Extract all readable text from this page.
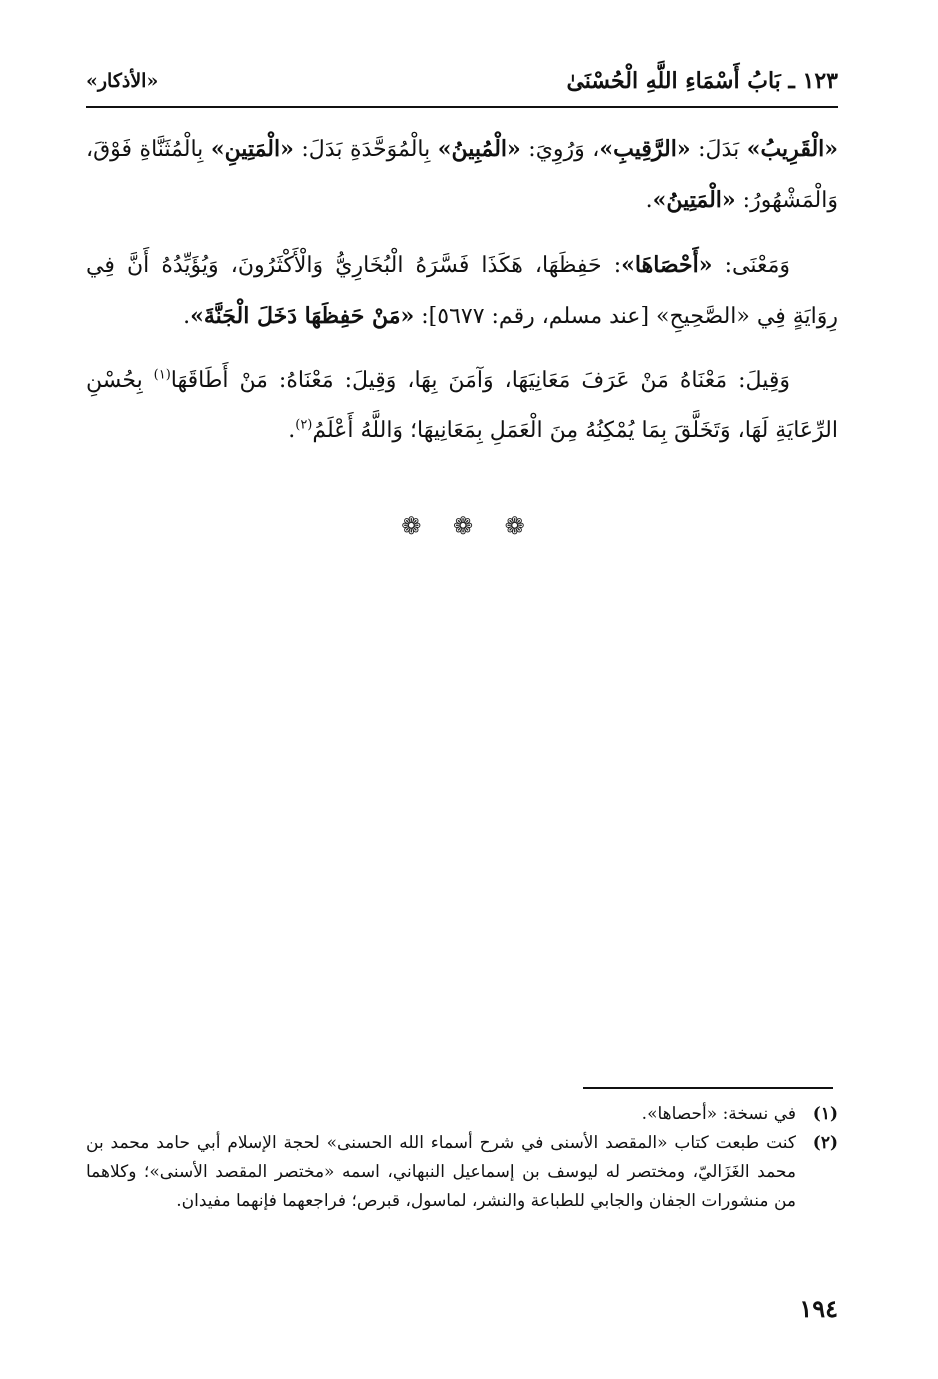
١٢٣ ـ بَابُ أَسْمَاءِ اللَّهِ الْحُسْنَىٰ
«الأذكار»

«الْقَرِيبُ» بَدَلَ: «الرَّقِيبِ»، وَرُوِيَ: «الْمُبِينُ» بِالْمُوَحَّدَةِ بَدَلَ: «الْمَتِينِ» بِالْمُثَنَّاةِ فَوْقَ، وَالْمَشْهُورُ: «الْمَتِينُ».

وَمَعْنَى: «أَحْصَاهَا»: حَفِظَهَا، هَكَذَا فَسَّرَهُ الْبُخَارِيُّ وَالْأَكْثَرُونَ، وَيُؤَيِّدُهُ أَنَّ فِي رِوَايَةٍ فِي «الصَّحِيحِ» [عند مسلم، رقم: ٥٦٧٧]: «مَنْ حَفِظَهَا دَخَلَ الْجَنَّةَ».

وَقِيلَ: مَعْنَاهُ مَنْ عَرَفَ مَعَانِيَهَا، وَآمَنَ بِهَا، وَقِيلَ: مَعْنَاهُ: مَنْ أَطَاقَهَا$^{(١)}$ بِحُسْنِ الرِّعَايَةِ لَهَا، وَتَخَلَّقَ بِمَا يُمْكِنُهُ مِنَ الْعَمَلِ بِمَعَانِيهَا؛ وَاللَّهُ أَعْلَمُ$^{(٢)}$.

❁ ❁ ❁
(١)
في نسخة: «أحصاها».
(٢)
كنت طبعت كتاب «المقصد الأسنى في شرح أسماء الله الحسنى» لحجة الإسلام أبي حامد محمد بن محمد الغَزَاليّ، ومختصر له ليوسف بن إسماعيل النبهاني، اسمه «مختصر المقصد الأسنى»؛ وكلاهما من منشورات الجفان والجابي للطباعة والنشر، لماسول، قبرص؛ فراجعهما فإنهما مفيدان.
١٩٤
